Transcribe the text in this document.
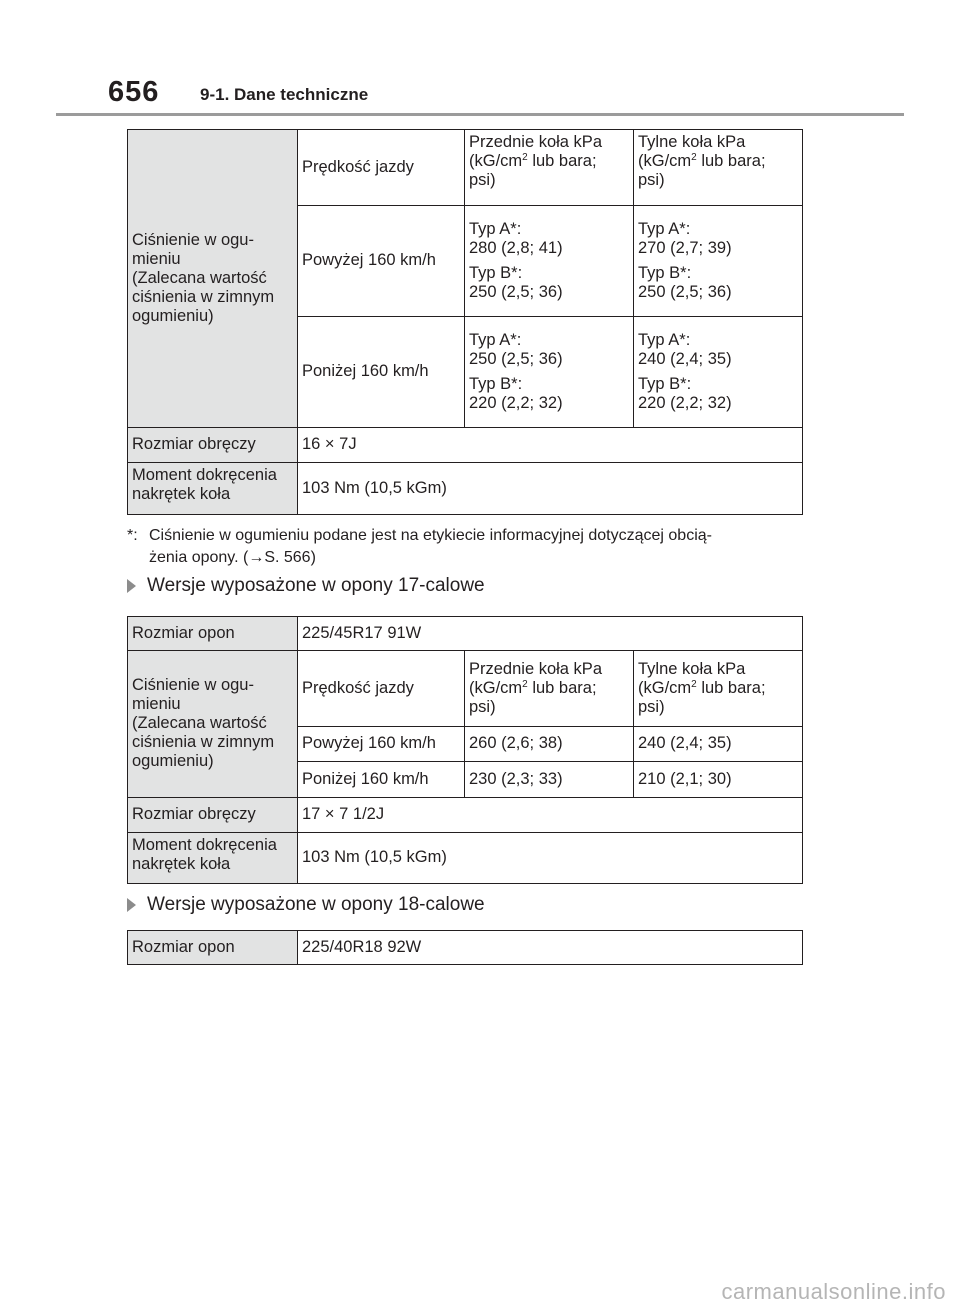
656 9-1. Dane techniczne
Ciśnienie w ogu-
mieniu
(Zalecana wartość
ciśnienia w zimnym
ogumieniu)	Prędkość jazdy	Przednie koła kPa
($kG/cm^2$ lub bara;
psi)	Tylne koła kPa
($kG/cm^2$ lub bara;
psi)
	Powyżej 160 km/h	Typ A*:
280 (2,8; 41)
Typ B*:
250 (2,5; 36)	Typ A*:
270 (2,7; 39)
Typ B*:
250 (2,5; 36)

	Poniżej 160 km/h	Typ A*:
250 (2,5; 36)
Typ B*:
220 (2,2; 32)	Typ A*:
240 (2,4; 35)
Typ B*:
220 (2,2; 32)

Rozmiar obręczy	16 × 7J		
Moment dokręcenia
nakrętek koła	103 Nm (10,5 kGm)		
*: Ciśnienie w ogumieniu podane jest na etykiecie informacyjnej dotyczącej obcią-
żenia opony. (→S. 566)
Wersje wyposażone w opony 17-calowe
Rozmiar opon	225/45R17 91W		
Ciśnienie w ogu-
mieniu
(Zalecana wartość
ciśnienia w zimnym
ogumieniu)	Prędkość jazdy	Przednie koła kPa
($kG/cm^2$ lub bara;
psi)	Tylne koła kPa
($kG/cm^2$ lub bara;
psi)
	Powyżej 160 km/h	260 (2,6; 38)	240 (2,4; 35)
	Poniżej 160 km/h	230 (2,3; 33)	210 (2,1; 30)
Rozmiar obręczy	17 × 7 1/2J		
Moment dokręcenia
nakrętek koła	103 Nm (10,5 kGm)		
Wersje wyposażone w opony 18-calowe
Rozmiar opon	225/40R18 92W
carmanualsonline.info
